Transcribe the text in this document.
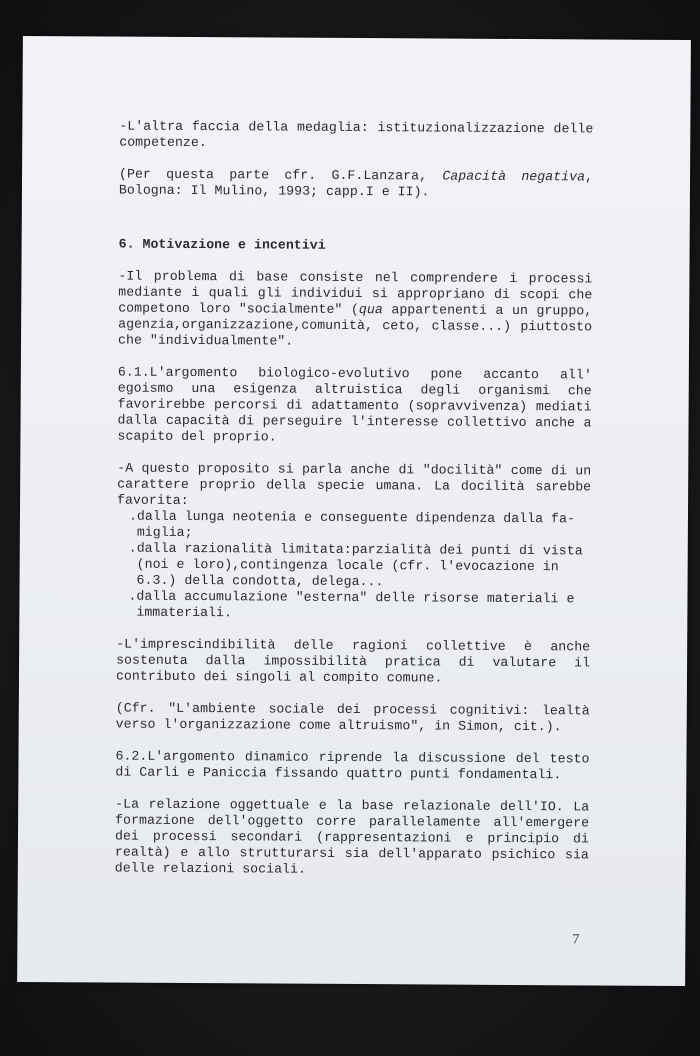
-L'altra faccia della medaglia: istituzionalizzazione delle competenze.

(Per questa parte cfr. G.F.Lanzara, Capacità negativa, Bologna: Il Mulino, 1993; capp.I e II).

6. Motivazione e incentivi

-Il problema di base consiste nel comprendere i processi mediante i quali gli individui si appropriano di scopi che competono loro "socialmente" (qua appartenenti a un gruppo, agenzia,organizzazione,comunità, ceto, classe...) piuttosto che "individualmente".

6.1.L'argomento biologico-evolutivo pone accanto all' egoismo una esigenza altruistica degli organismi che favorirebbe percorsi di adattamento (sopravvivenza) mediati dalla capacità di perseguire l'interesse collettivo anche a scapito del proprio.

-A questo proposito si parla anche di "docilità" come di un carattere proprio della specie umana. La docilità sarebbe favorita:

.dalla lunga neotenia e conseguente dipendenza dalla fa-miglia;
.dalla razionalità limitata:parzialità dei punti di vista (noi e loro),contingenza locale (cfr. l'evocazione in 6.3.) della condotta, delega...
.dalla accumulazione "esterna" delle risorse materiali e immateriali.

-L'imprescindibilità delle ragioni collettive è anche sostenuta dalla impossibilità pratica di valutare il contributo dei singoli al compito comune.

(Cfr. "L'ambiente sociale dei processi cognitivi: lealtà verso l'organizzazione come altruismo", in Simon, cit.).

6.2.L'argomento dinamico riprende la discussione del testo di Carli e Paniccia fissando quattro punti fondamentali.

-La relazione oggettuale e la base relazionale dell'IO. La formazione dell'oggetto corre parallelamente all'emergere dei processi secondari (rappresentazioni e principio di realtà) e allo strutturarsi sia dell'apparato psichico sia delle relazioni sociali.

7
